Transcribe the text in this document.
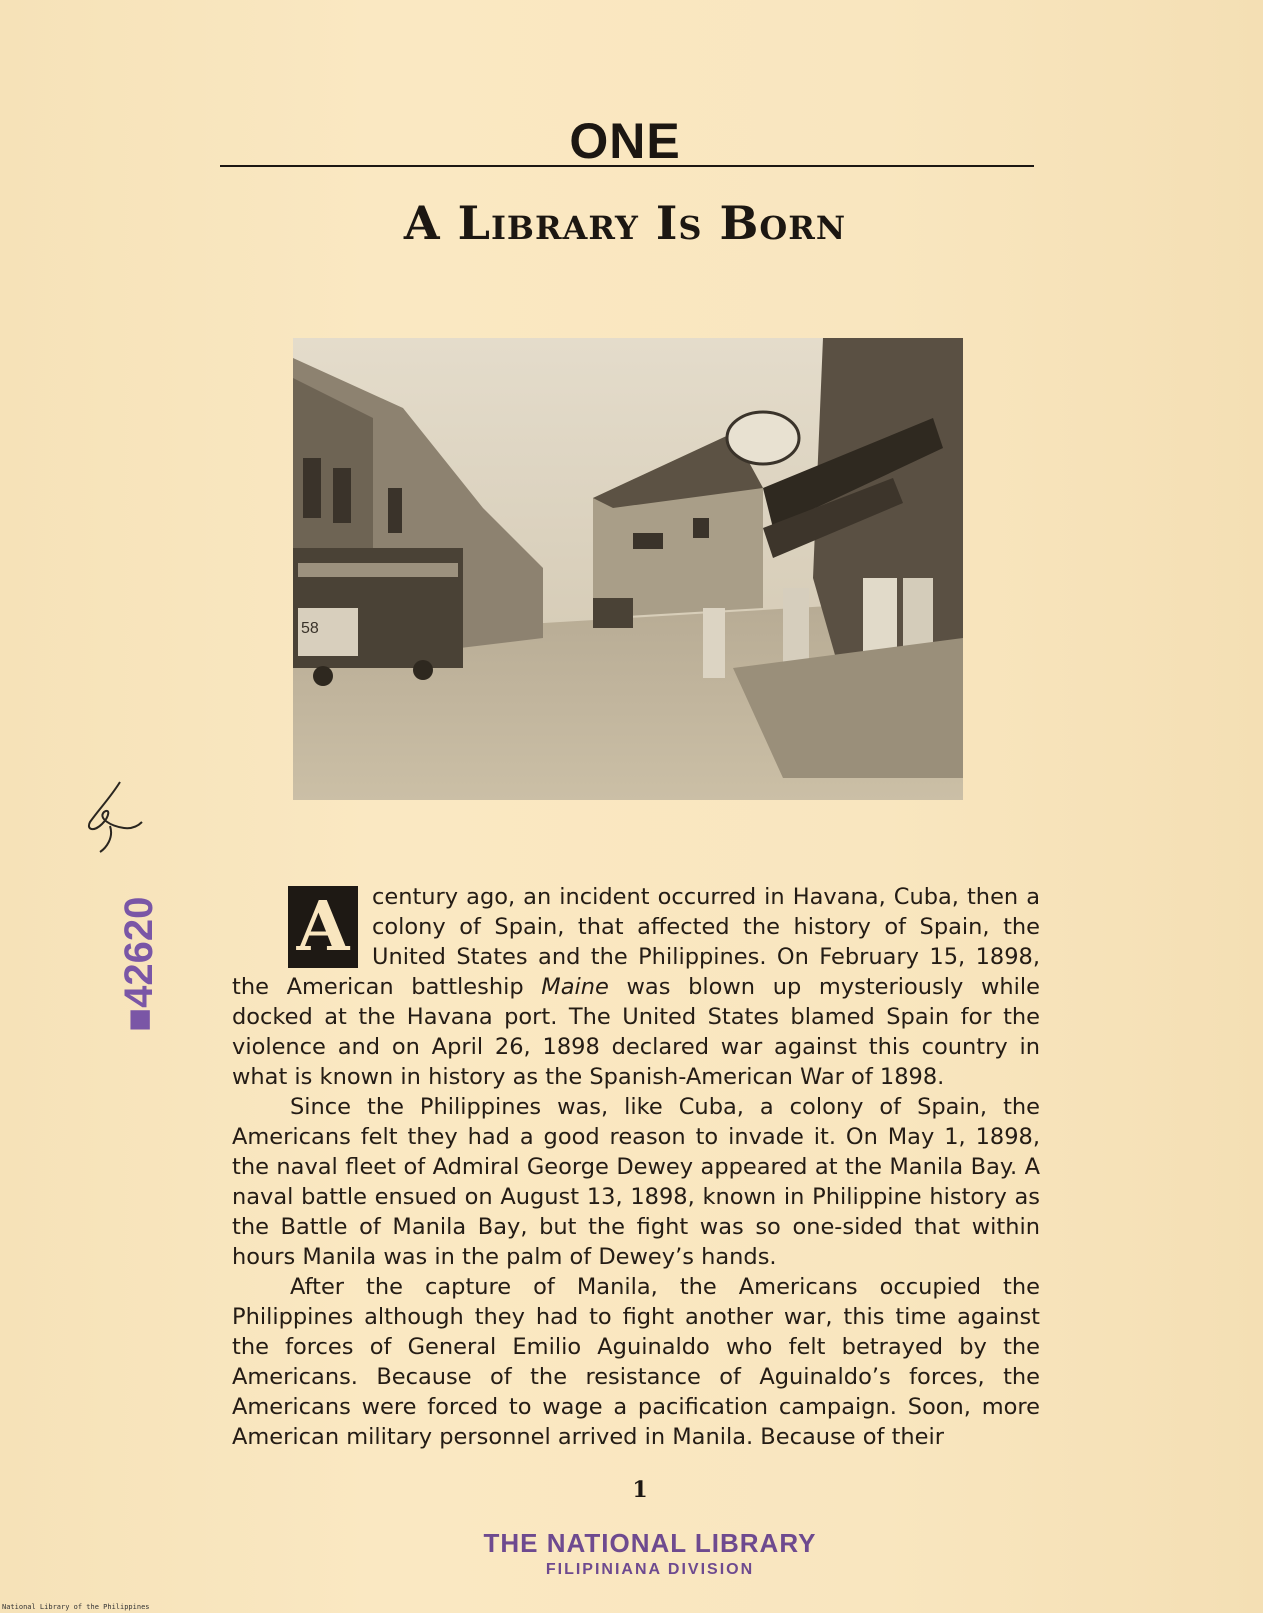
ONE
A Library Is Born
58

A	century ago, an incident occurred in Havana, Cuba, then a colony of Spain, that affected the history of Spain, the United States and the Philippines. On February 15, 1898, the American battleship Maine was blown up mysteriously while docked at the Havana port. The United States blamed Spain for the violence and on April 26, 1898 declared war against this country in what is known in history as the Spanish-American War of 1898.

Since the Philippines was, like Cuba, a colony of Spain, the Americans felt they had a good reason to invade it. On May 1, 1898, the naval fleet of Admiral George Dewey appeared at the Manila Bay. A naval battle ensued on August 13, 1898, known in Philippine history as the Battle of Manila Bay, but the fight was so one-sided that within hours Manila was in the palm of Dewey’s hands.

After the capture of Manila, the Americans occupied the Philippines although they had to fight another war, this time against the forces of General Emilio Aguinaldo who felt betrayed by the Americans. Because of the resistance of Aguinaldo’s forces, the Americans were forced to wage a pacification campaign. Soon, more American military personnel arrived in Manila. Because of their

1
THE NATIONAL LIBRARY
FILIPINIANA DIVISION
■42620
National Library of the Philippines
